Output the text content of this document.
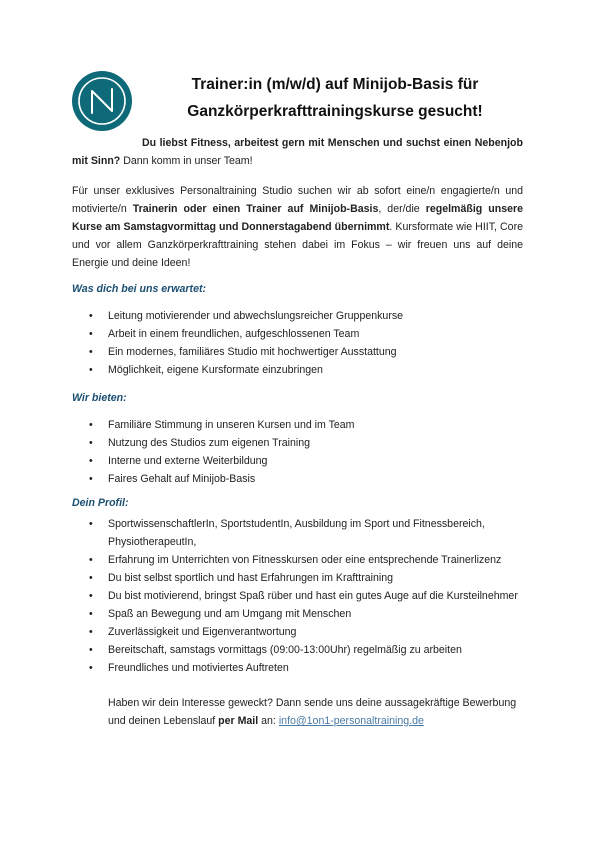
Trainer:in (m/w/d) auf Minijob-Basis für
Ganzkörperkrafttrainingskurse gesucht!

Du liebst Fitness, arbeitest gern mit Menschen und suchst einen Nebenjob mit Sinn? Dann komm in unser Team!

Für unser exklusives Personaltraining Studio suchen wir ab sofort eine/n engagierte/n und motivierte/n Trainerin oder einen Trainer auf Minijob-Basis, der/die regelmäßig unsere Kurse am Samstagvormittag und Donnerstagabend übernimmt. Kursformate wie HIIT, Core und vor allem Ganzkörperkrafttraining stehen dabei im Fokus – wir freuen uns auf deine Energie und deine Ideen!

Was dich bei uns erwartet:

• Leitung motivierender und abwechslungsreicher Gruppenkurse
• Arbeit in einem freundlichen, aufgeschlossenen Team
• Ein modernes, familiäres Studio mit hochwertiger Ausstattung
• Möglichkeit, eigene Kursformate einzubringen

Wir bieten:

• Familiäre Stimmung in unseren Kursen und im Team
• Nutzung des Studios zum eigenen Training
• Interne und externe Weiterbildung
• Faires Gehalt auf Minijob-Basis

Dein Profil:

• SportwissenschaftlerIn, SportstudentIn, Ausbildung im Sport und Fitnessbereich, PhysiotherapeutIn,
• Erfahrung im Unterrichten von Fitnesskursen oder eine entsprechende Trainerlizenz
• Du bist selbst sportlich und hast Erfahrungen im Krafttraining
• Du bist motivierend, bringst Spaß rüber und hast ein gutes Auge auf die Kursteilnehmer
• Spaß an Bewegung und am Umgang mit Menschen
• Zuverlässigkeit und Eigenverantwortung
• Bereitschaft, samstags vormittags (09:00-13:00Uhr) regelmäßig zu arbeiten
• Freundliches und motiviertes Auftreten

Haben wir dein Interesse geweckt? Dann sende uns deine aussagekräftige Bewerbung und deinen Lebenslauf per Mail an: info@1on1-personaltraining.de
